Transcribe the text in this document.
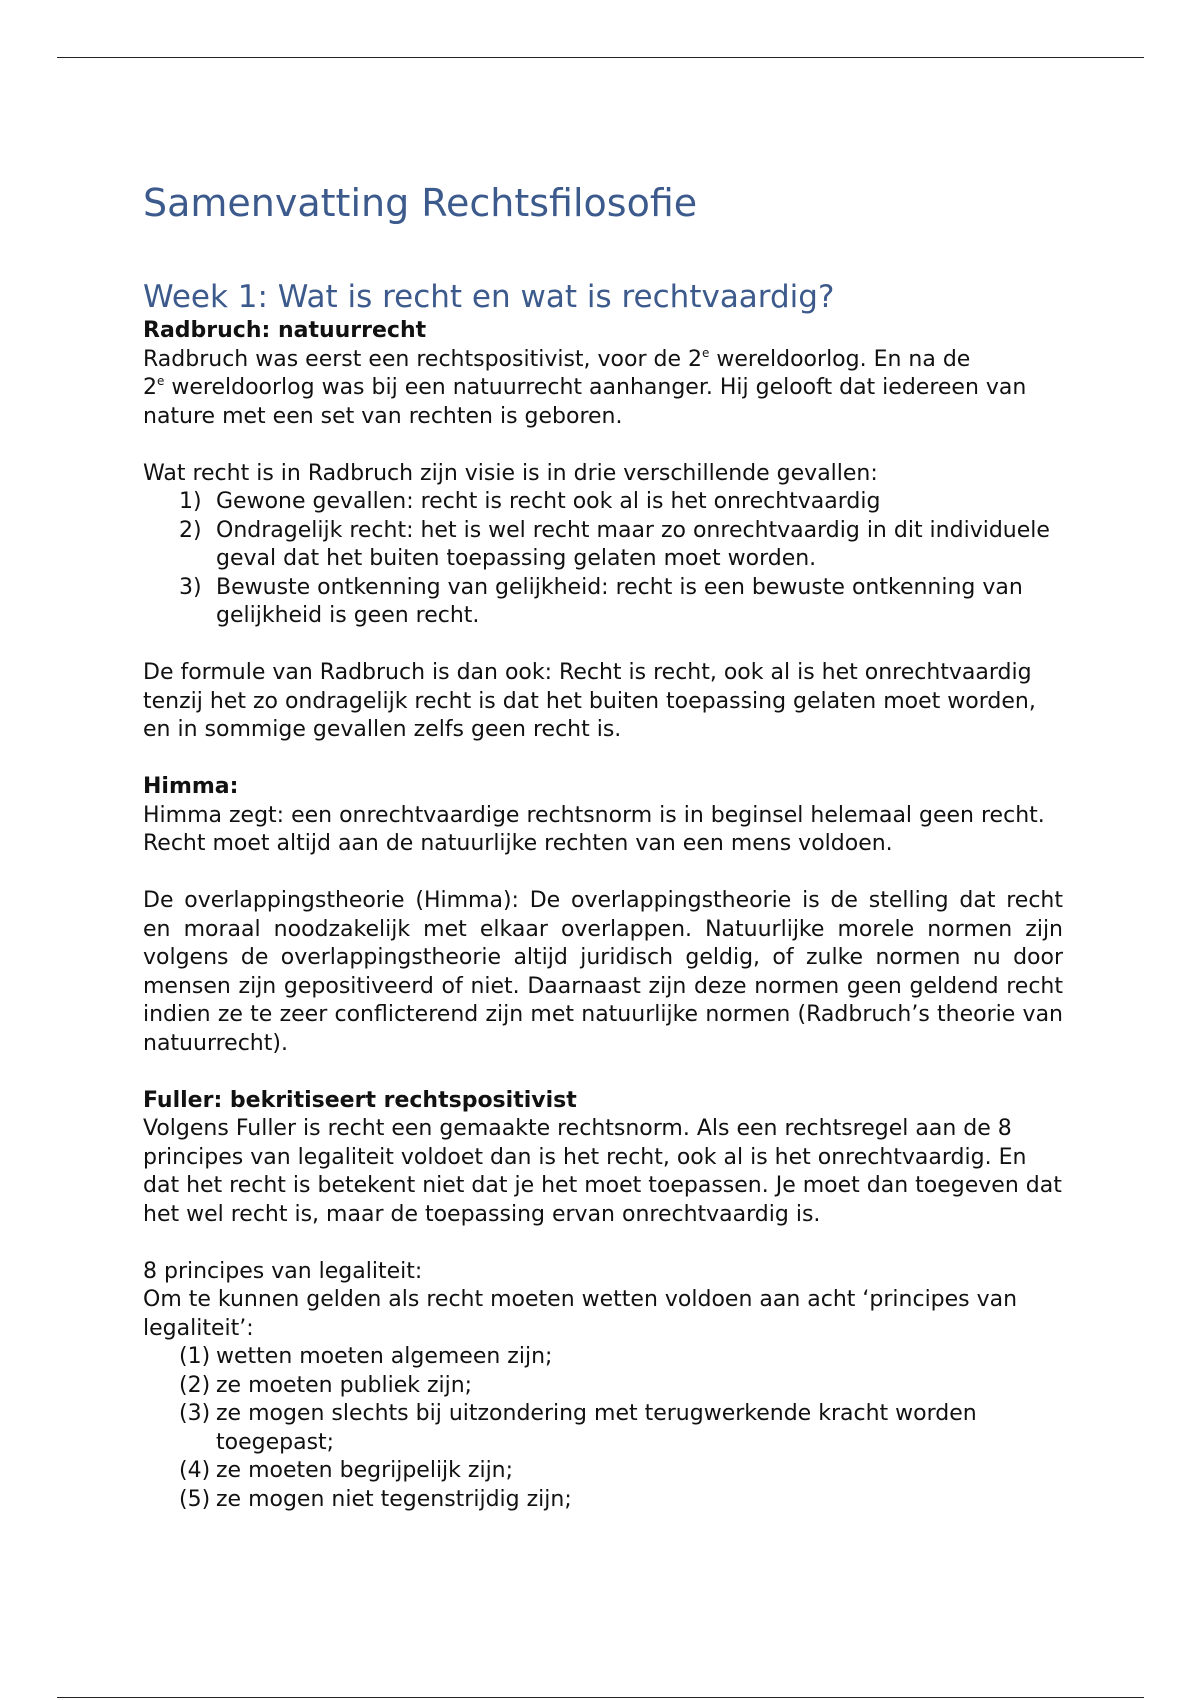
Samenvatting Rechtsfilosofie
Week 1: Wat is recht en wat is rechtvaardig?

Radbruch: natuurrecht

Radbruch was eerst een rechtspositivist, voor de 2e wereldoorlog. En na de
2e wereldoorlog was bij een natuurrecht aanhanger. Hij gelooft dat iedereen van nature met een set van rechten is geboren.

Wat recht is in Radbruch zijn visie is in drie verschillende gevallen:

1) Gewone gevallen: recht is recht ook al is het onrechtvaardig
2) Ondragelijk recht: het is wel recht maar zo onrechtvaardig in dit individuele geval dat het buiten toepassing gelaten moet worden.
3) Bewuste ontkenning van gelijkheid: recht is een bewuste ontkenning van gelijkheid is geen recht.

De formule van Radbruch is dan ook: Recht is recht, ook al is het onrechtvaardig tenzij het zo ondragelijk recht is dat het buiten toepassing gelaten moet worden, en in sommige gevallen zelfs geen recht is.

Himma:

Himma zegt: een onrechtvaardige rechtsnorm is in beginsel helemaal geen recht. Recht moet altijd aan de natuurlijke rechten van een mens voldoen.

De overlappingstheorie (Himma): De overlappingstheorie is de stelling dat recht en moraal noodzakelijk met elkaar overlappen. Natuurlijke morele normen zijn volgens de overlappingstheorie altijd juridisch geldig, of zulke normen nu door mensen zijn gepositiveerd of niet. Daarnaast zijn deze normen geen geldend recht indien ze te zeer conflicterend zijn met natuurlijke normen (Radbruch’s theorie van natuurrecht).

Fuller: bekritiseert rechtspositivist

Volgens Fuller is recht een gemaakte rechtsnorm. Als een rechtsregel aan de 8 principes van legaliteit voldoet dan is het recht, ook al is het onrechtvaardig. En dat het recht is betekent niet dat je het moet toepassen. Je moet dan toegeven dat het wel recht is, maar de toepassing ervan onrechtvaardig is.

8 principes van legaliteit:

Om te kunnen gelden als recht moeten wetten voldoen aan acht ‘principes van legaliteit’:

(1) wetten moeten algemeen zijn;
(2) ze moeten publiek zijn;
(3) ze mogen slechts bij uitzondering met terugwerkende kracht worden toegepast;
(4) ze moeten begrijpelijk zijn;
(5) ze mogen niet tegenstrijdig zijn;
